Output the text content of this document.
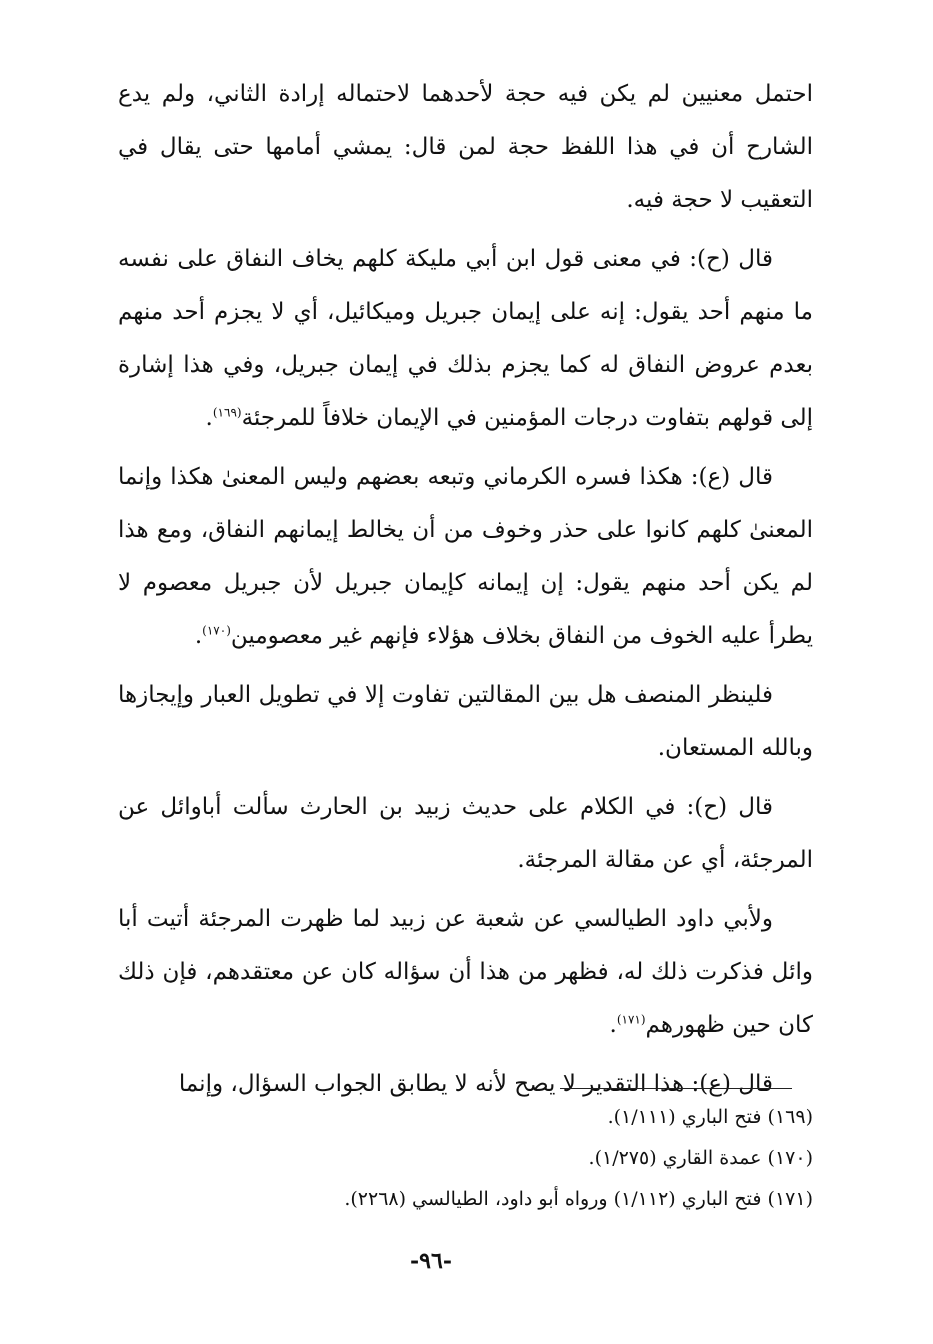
احتمل معنيين لم يكن فيه حجة لأحدهما لاحتماله إرادة الثاني، ولم يدع الشارح أن في هذا اللفظ حجة لمن قال: يمشي أمامها حتى يقال في التعقيب لا حجة فيه.

قال (ح): في معنى قول ابن أبي مليكة كلهم يخاف النفاق على نفسه ما منهم أحد يقول: إنه على إيمان جبريل وميكائيل، أي لا يجزم أحد منهم بعدم عروض النفاق له كما يجزم بذلك في إيمان جبريل، وفي هذا إشارة إلى قولهم بتفاوت درجات المؤمنين في الإيمان خلافاً للمرجئة$^{(١٦٩)}$.

قال (ع): هكذا فسره الكرماني وتبعه بعضهم وليس المعنىٰ هكذا وإنما المعنىٰ كلهم كانوا على حذر وخوف من أن يخالط إيمانهم النفاق، ومع هذا لم يكن أحد منهم يقول: إن إيمانه كإيمان جبريل لأن جبريل معصوم لا يطرأ عليه الخوف من النفاق بخلاف هؤلاء فإنهم غير معصومين$^{(١٧٠)}$.

فلينظر المنصف هل بين المقالتين تفاوت إلا في تطويل العبار وإيجازها وبالله المستعان.

قال (ح): في الكلام على حديث زبيد بن الحارث سألت أباوائل عن المرجئة، أي عن مقالة المرجئة.

ولأبي داود الطيالسي عن شعبة عن زبيد لما ظهرت المرجئة أتيت أبا وائل فذكرت ذلك له، فظهر من هذا أن سؤاله كان عن معتقدهم، فإن ذلك كان حين ظهورهم$^{(١٧١)}$.

قال (ع): هذا التقدير لا يصح لأنه لا يطابق الجواب السؤال، وإنما

(١٦٩) فتح الباري (١/١١١).

(١٧٠) عمدة القاري (١/٢٧٥).

(١٧١) فتح الباري (١/١١٢) ورواه أبو داود، الطيالسي (٢٢٦٨).

-٩٦-
